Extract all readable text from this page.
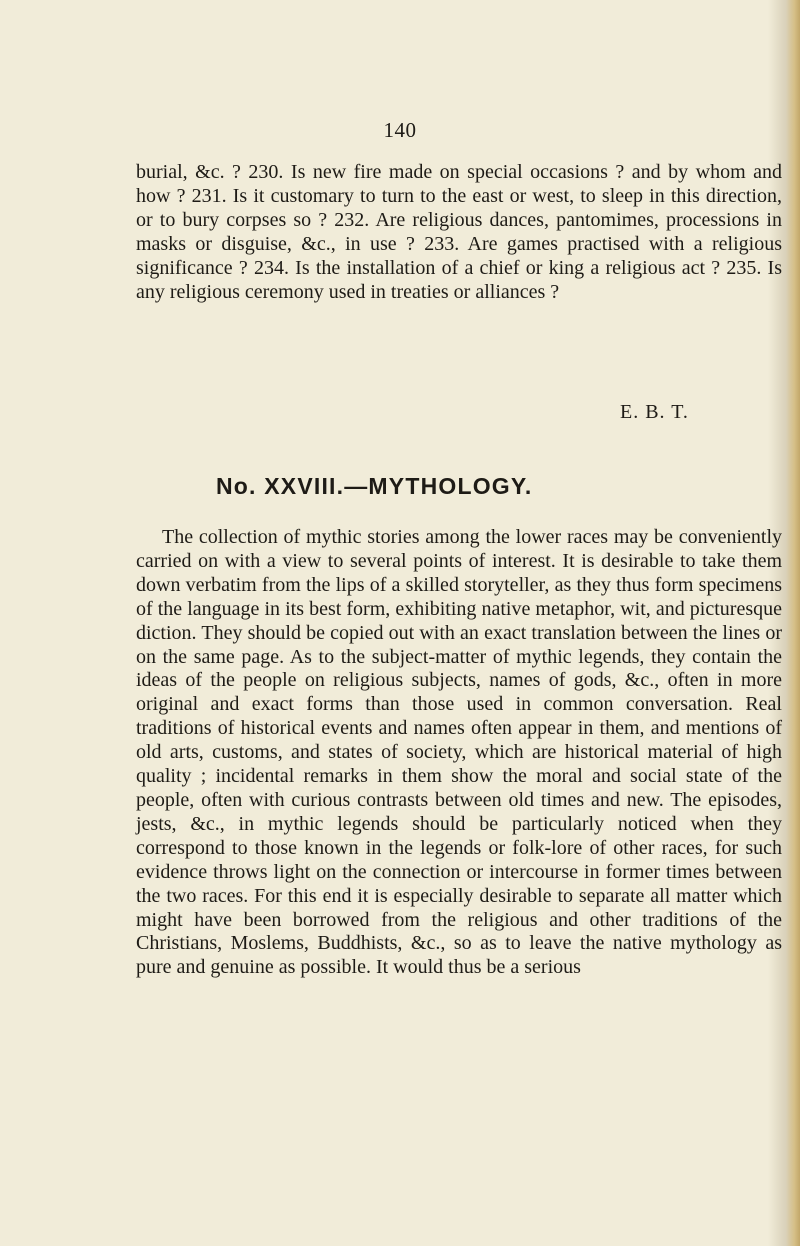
140

burial, &c. ? 230. Is new fire made on special occasions ? and by whom and how ? 231. Is it customary to turn to the east or west, to sleep in this direction, or to bury corpses so ? 232. Are religious dances, pantomimes, processions in masks or disguise, &c., in use ? 233. Are games practised with a religious significance ? 234. Is the installation of a chief or king a religious act ? 235. Is any religious ceremony used in treaties or alliances ?

E. B. T.
No. XXVIII.—MYTHOLOGY.

The collection of mythic stories among the lower races may be conveniently carried on with a view to several points of interest. It is desirable to take them down verbatim from the lips of a skilled storyteller, as they thus form specimens of the language in its best form, exhibiting native metaphor, wit, and picturesque diction. They should be copied out with an exact translation between the lines or on the same page. As to the subject-matter of mythic legends, they contain the ideas of the people on religious subjects, names of gods, &c., often in more original and exact forms than those used in common conversation. Real traditions of historical events and names often appear in them, and mentions of old arts, customs, and states of society, which are historical material of high quality ; incidental remarks in them show the moral and social state of the people, often with curious contrasts between old times and new. The episodes, jests, &c., in mythic legends should be particularly noticed when they correspond to those known in the legends or folk-lore of other races, for such evidence throws light on the connection or intercourse in former times between the two races. For this end it is especially desirable to separate all matter which might have been borrowed from the religious and other traditions of the Christians, Moslems, Buddhists, &c., so as to leave the native mythology as pure and genuine as possible. It would thus be a serious
